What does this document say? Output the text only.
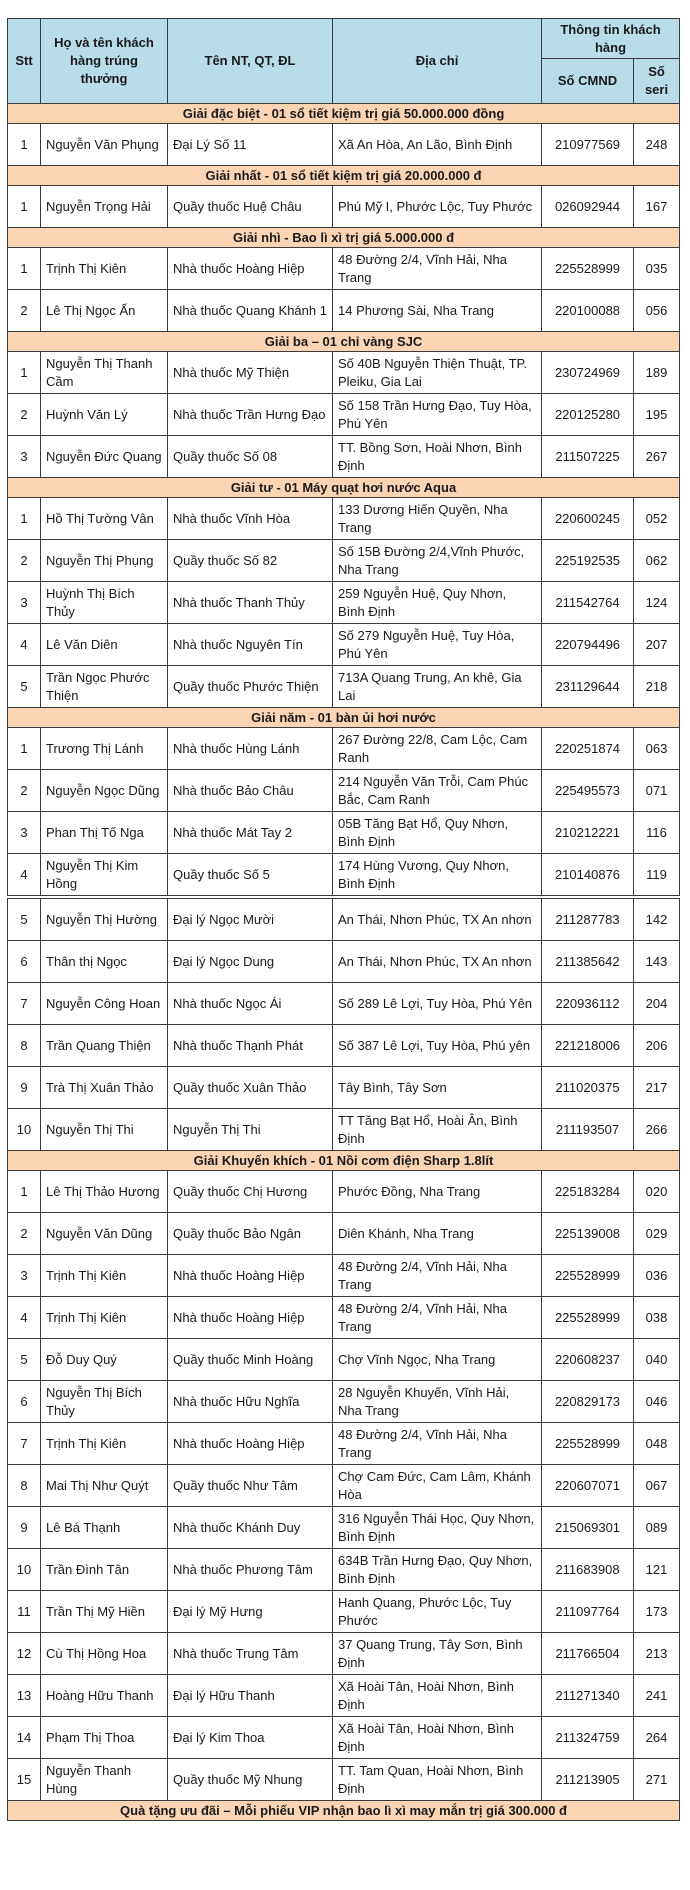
Stt	Họ và tên khách hàng trúng thưởng	Tên NT, QT, ĐL	Địa chỉ	Thông tin khách hàng	
				Số CMND	Số seri
Giải đặc biệt - 01 sổ tiết kiệm trị giá 50.000.000 đồng					
1	Nguyễn Văn Phụng	Đại Lý Số 11	Xã An Hòa, An Lão, Bình Định	210977569	248
Giải nhất - 01 sổ tiết kiệm trị giá 20.000.000 đ					
1	Nguyễn Trọng Hải	Quầy thuốc Huệ Châu	Phú Mỹ I, Phước Lộc, Tuy Phước	026092944	167
Giải nhì - Bao lì xì trị giá 5.000.000 đ					
1	Trịnh Thị Kiên	Nhà thuốc Hoàng Hiệp	48 Đường 2/4, Vĩnh Hải, Nha Trang	225528999	035
2	Lê Thị Ngọc Ấn	Nhà thuốc Quang Khánh 1	14 Phương Sài, Nha Trang	220100088	056
Giải ba – 01 chỉ vàng SJC					
1	Nguyễn Thị Thanh Cầm	Nhà thuốc Mỹ Thiện	Số 40B Nguyễn Thiện Thuật, TP. Pleiku, Gia Lai	230724969	189
2	Huỳnh Văn Lý	Nhà thuốc Trần Hưng Đạo	Số 158 Trần Hưng Đạo, Tuy Hòa, Phú Yên	220125280	195
3	Nguyễn Đức Quang	Quầy thuốc Số 08	TT. Bồng Sơn, Hoài Nhơn, Bình Định	211507225	267
Giải tư - 01 Máy quạt hơi nước Aqua					
1	Hồ Thị Tường Vân	Nhà thuốc Vĩnh Hòa	133 Dương Hiến Quyền, Nha Trang	220600245	052
2	Nguyễn Thị Phụng	Quầy thuốc Số 82	Số 15B Đường 2/4,Vĩnh Phước, Nha Trang	225192535	062
3	Huỳnh Thị Bích Thủy	Nhà thuốc Thanh Thủy	259 Nguyễn Huệ, Quy Nhơn, Bình Định	211542764	124
4	Lê Văn Diên	Nhà thuốc Nguyên Tín	Số 279 Nguyễn Huệ, Tuy Hòa, Phú Yên	220794496	207
5	Trần Ngọc Phước Thiện	Quầy thuốc Phước Thiện	713A Quang Trung, An khê, Gia Lai	231129644	218
Giải năm - 01 bàn ủi hơi nước					
1	Trương Thị Lánh	Nhà thuốc Hùng Lánh	267 Đường 22/8, Cam Lộc, Cam Ranh	220251874	063
2	Nguyễn Ngọc Dũng	Nhà thuốc Bảo Châu	214 Nguyễn Văn Trỗi, Cam Phúc Bắc, Cam Ranh	225495573	071
3	Phan Thị Tố Nga	Nhà thuốc Mát Tay 2	05B Tăng Bạt Hổ, Quy Nhơn, Bình Định	210212221	116
4	Nguyễn Thị Kim Hồng	Quầy thuốc Số 5	174 Hùng Vương, Quy Nhơn, Bình Định	210140876	119

5	Nguyễn Thị Hường	Đại lý Ngọc Mười	An Thái, Nhơn Phúc, TX An nhơn	211287783	142
6	Thân thị Ngọc	Đại lý Ngọc Dung	An Thái, Nhơn Phúc, TX An nhơn	211385642	143
7	Nguyễn Công Hoan	Nhà thuốc Ngọc Ái	Số 289 Lê Lợi, Tuy Hòa, Phú Yên	220936112	204
8	Trần Quang Thiện	Nhà thuốc Thạnh Phát	Số 387 Lê Lợi, Tuy Hòa, Phú yên	221218006	206
9	Trà Thị Xuân Thảo	Quầy thuốc Xuân Thảo	Tây Bình, Tây Sơn	211020375	217
10	Nguyễn Thị Thi	Nguyễn Thị Thi	TT Tăng Bạt Hổ, Hoài Ân, Bình Định	211193507	266
Giải Khuyến khích - 01 Nồi cơm điện Sharp 1.8lít					
1	Lê Thị Thảo Hương	Quầy thuốc Chị Hương	Phước Đồng, Nha Trang	225183284	020
2	Nguyễn Văn Dũng	Quầy thuốc Bảo Ngân	Diên Khánh, Nha Trang	225139008	029
3	Trịnh Thị Kiên	Nhà thuốc Hoàng Hiệp	48 Đường 2/4, Vĩnh Hải, Nha Trang	225528999	036
4	Trịnh Thị Kiên	Nhà thuốc Hoàng Hiệp	48 Đường 2/4, Vĩnh Hải, Nha Trang	225528999	038
5	Đỗ Duy Quý	Quầy thuốc Minh Hoàng	Chợ Vĩnh Ngọc, Nha Trang	220608237	040
6	Nguyễn Thị Bích Thủy	Nhà thuốc Hữu Nghĩa	28 Nguyễn Khuyến, Vĩnh Hải, Nha Trang	220829173	046
7	Trịnh Thị Kiên	Nhà thuốc Hoàng Hiệp	48 Đường 2/4, Vĩnh Hải, Nha Trang	225528999	048
8	Mai Thị Như Quýt	Quầy thuốc Như Tâm	Chợ Cam Đức, Cam Lâm, Khánh Hòa	220607071	067
9	Lê Bá Thạnh	Nhà thuốc Khánh Duy	316 Nguyễn Thái Học, Quy Nhơn, Bình Định	215069301	089
10	Trần Đình Tân	Nhà thuốc Phương Tâm	634B Trần Hưng Đạo, Quy Nhơn, Bình Định	211683908	121
11	Trần Thị Mỹ Hiền	Đại lý Mỹ Hưng	Hanh Quang, Phước Lộc, Tuy Phước	211097764	173
12	Cù Thị Hồng Hoa	Nhà thuốc Trung Tâm	37 Quang Trung, Tây Sơn, Bình Định	211766504	213
13	Hoàng Hữu Thanh	Đại lý Hữu Thanh	Xã Hoài Tân, Hoài Nhơn, Bình Định	211271340	241
14	Phạm Thị Thoa	Đại lý Kim Thoa	Xã Hoài Tân, Hoài Nhơn, Bình Định	211324759	264
15	Nguyễn Thanh Hùng	Quầy thuốc Mỹ Nhung	TT. Tam Quan, Hoài Nhơn, Bình Định	211213905	271
Quà tặng ưu đãi – Mỗi phiếu VIP nhận bao lì xì may mắn trị giá 300.000 đ					
